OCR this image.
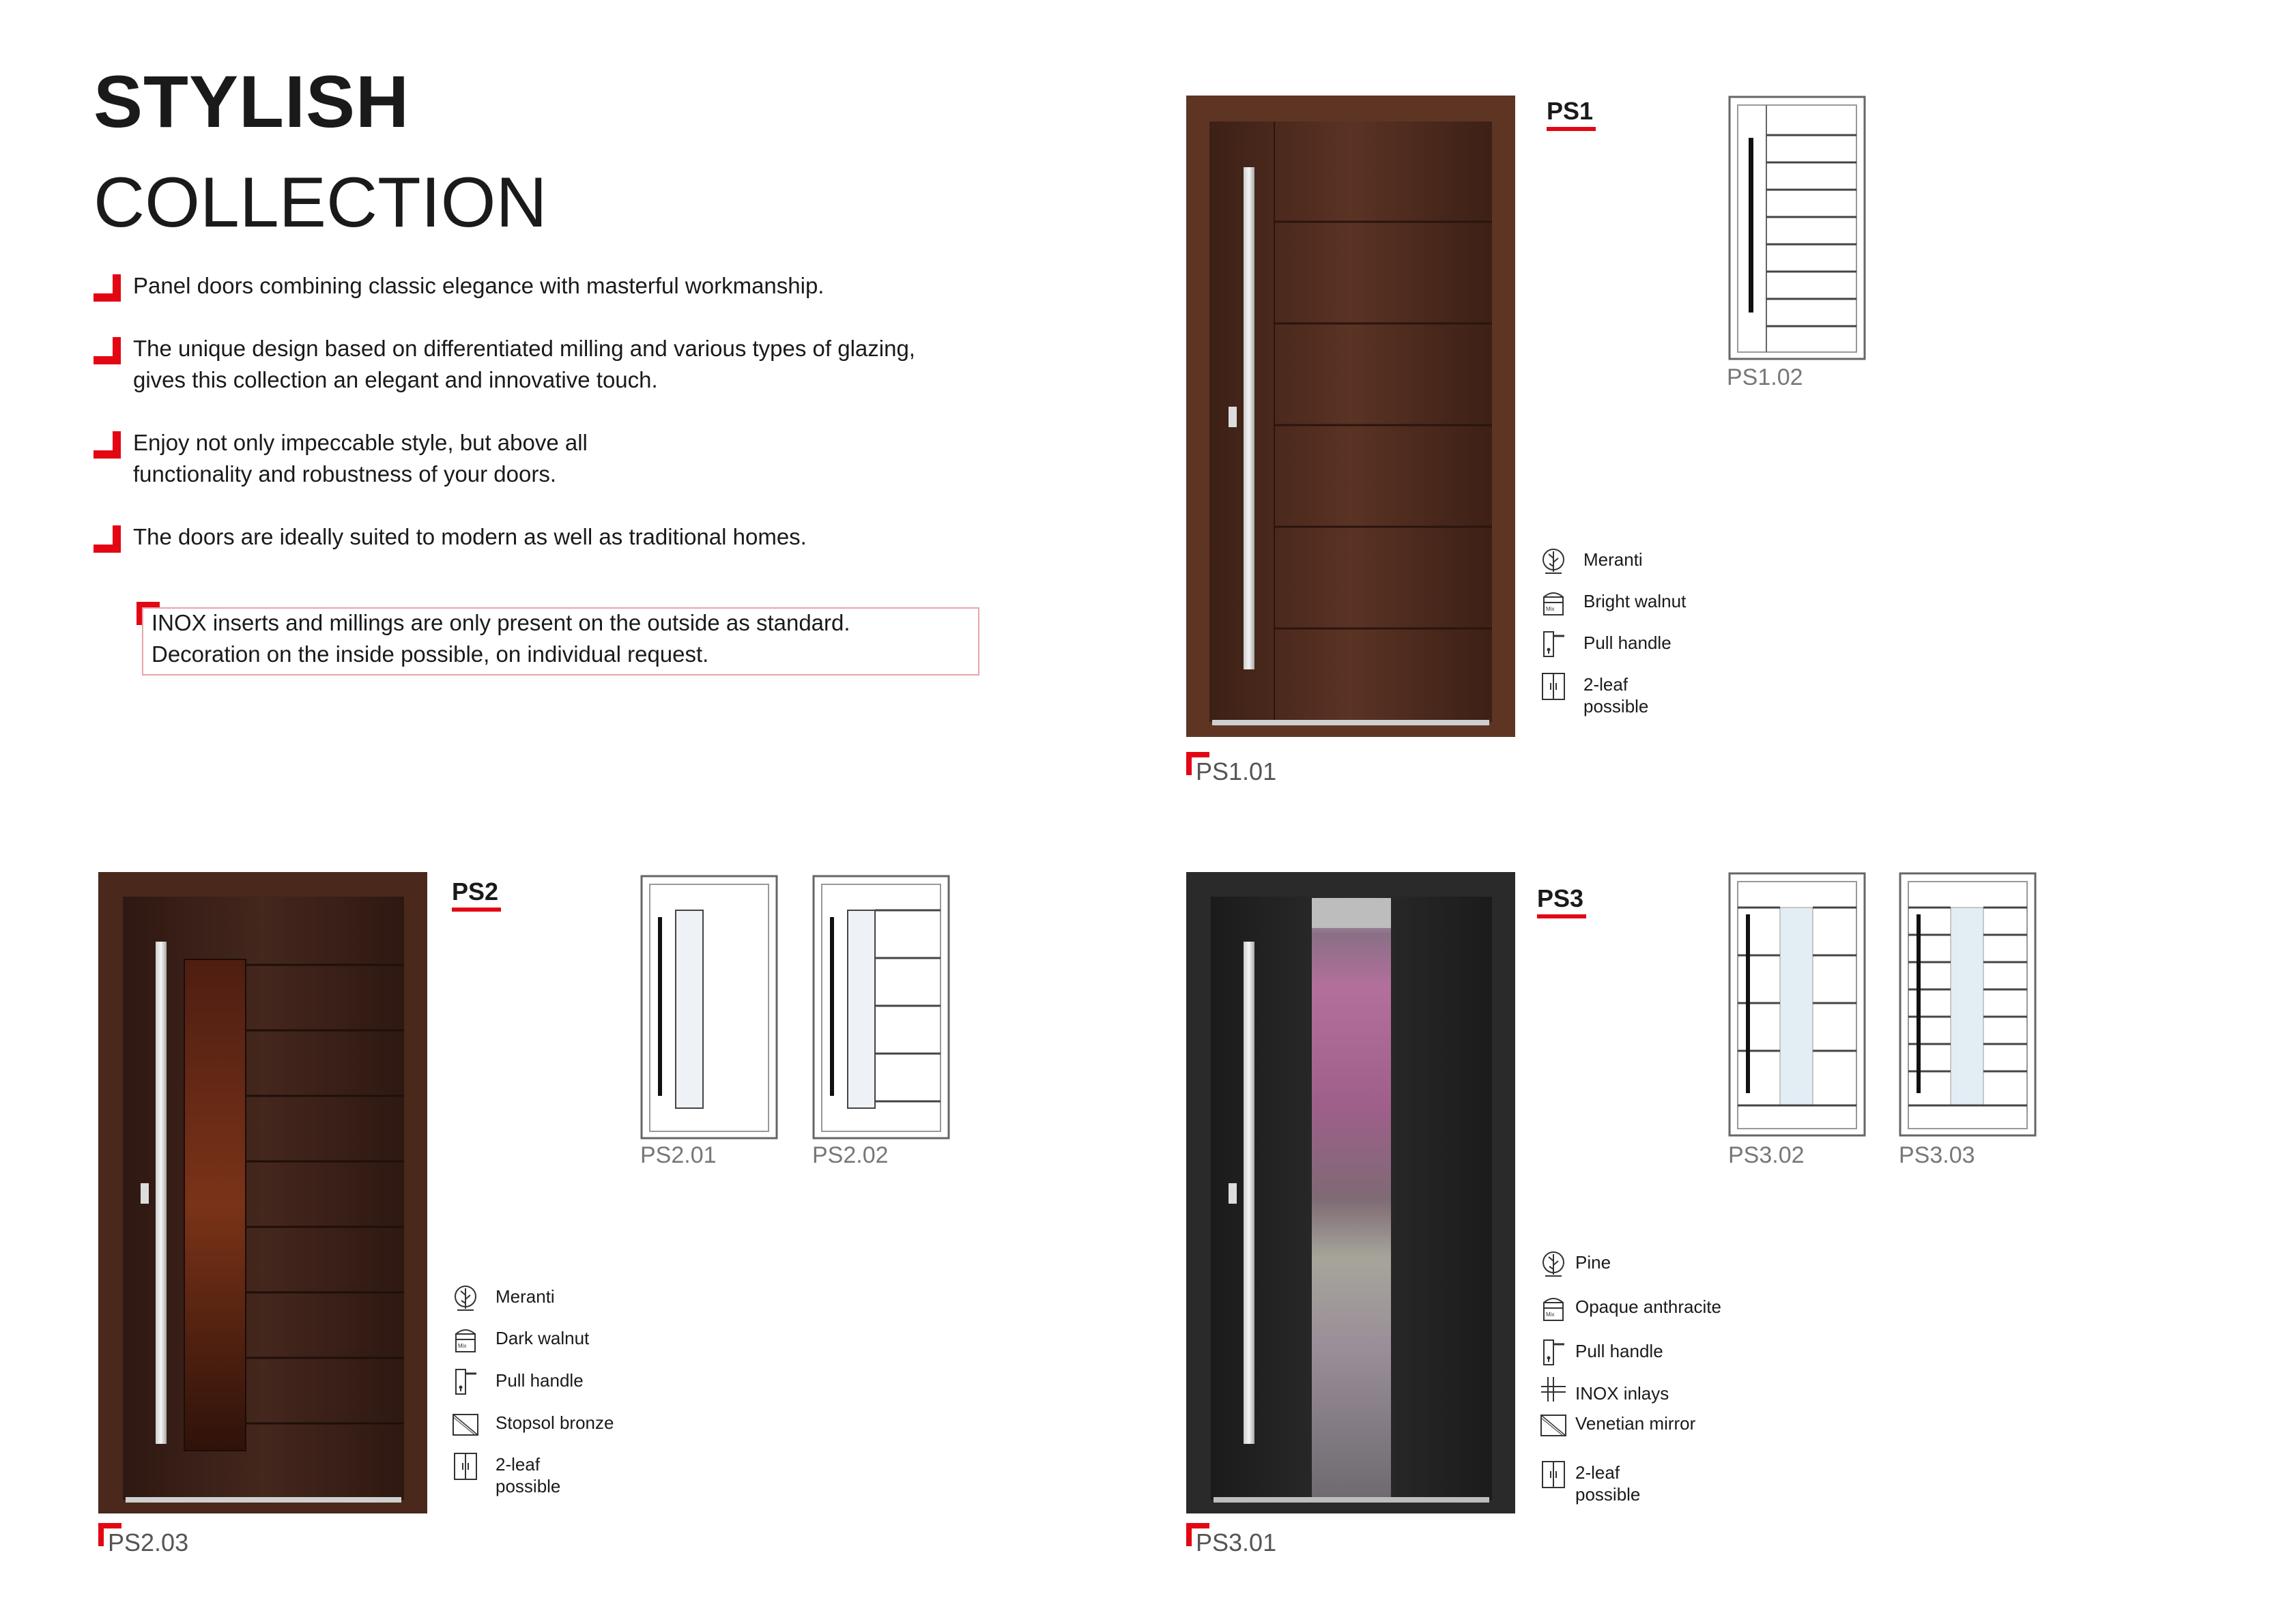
STYLISH
COLLECTION
Panel doors combining classic elegance with masterful workmanship.
The unique design based on differentiated milling and various types of glazing,
gives this collection an elegant and innovative touch.
Enjoy not only impeccable style, but above all
functionality and robustness of your doors.
The doors are ideally suited to modern as well as traditional homes.
INOX inserts and millings are only present on the outside as standard.
Decoration on the inside possible, on individual request.
PS1.01
PS1
PS1.02
Meranti
Bright walnut
Pull handle
2-leaf
possible
PS2.03
PS2
PS2.01	PS2.02
Meranti
Dark walnut
Pull handle
Stopsol bronze
2-leaf
possible
PS3.01
PS3
PS3.02	PS3.03
Pine
Opaque anthracite
Pull handle
INOX inlays
Venetian mirror
2-leaf
possible
